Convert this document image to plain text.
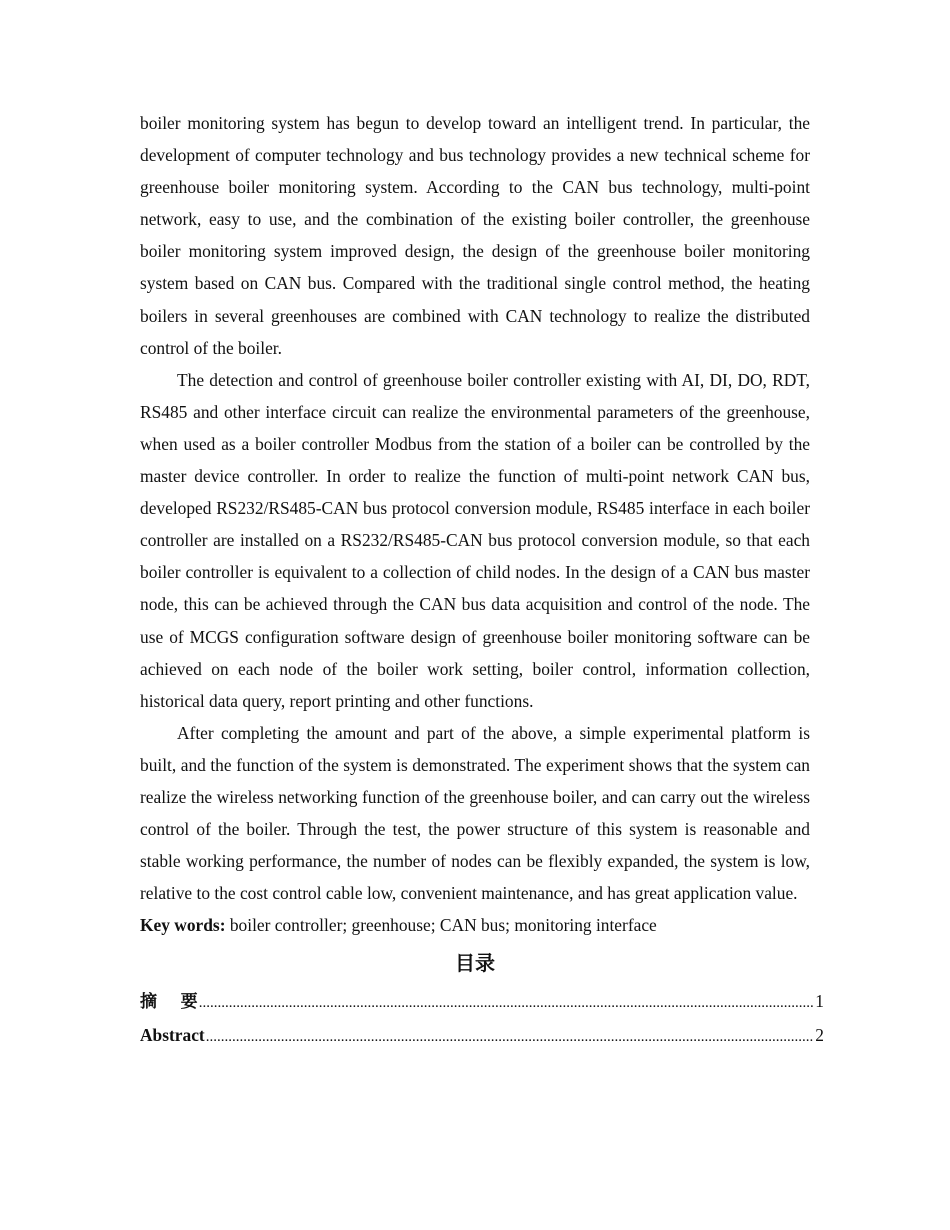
boiler monitoring system has begun to develop toward an intelligent trend. In particular, the development of computer technology and bus technology provides a new technical scheme for greenhouse boiler monitoring system. According to the CAN bus technology, multi-point network, easy to use, and the combination of the existing boiler controller, the greenhouse boiler monitoring system improved design, the design of the greenhouse boiler monitoring system based on CAN bus. Compared with the traditional single control method, the heating boilers in several greenhouses are combined with CAN technology to realize the distributed control of the boiler.

The detection and control of greenhouse boiler controller existing with AI, DI, DO, RDT, RS485 and other interface circuit can realize the environmental parameters of the greenhouse, when used as a boiler controller Modbus from the station of a boiler can be controlled by the master device controller. In order to realize the function of multi-point network CAN bus, developed RS232/RS485-CAN bus protocol conversion module, RS485 interface in each boiler controller are installed on a RS232/RS485-CAN bus protocol conversion module, so that each boiler controller is equivalent to a collection of child nodes. In the design of a CAN bus master node, this can be achieved through the CAN bus data acquisition and control of the node. The use of MCGS configuration software design of greenhouse boiler monitoring software can be achieved on each node of the boiler work setting, boiler control, information collection, historical data query, report printing and other functions.

After completing the amount and part of the above, a simple experimental platform is built, and the function of the system is demonstrated. The experiment shows that the system can realize the wireless networking function of the greenhouse boiler, and can carry out the wireless control of the boiler. Through the test, the power structure of this system is reasonable and stable working performance, the number of nodes can be flexibly expanded, the system is low, relative to the cost control cable low, convenient maintenance, and has great application value.

Key words: boiler controller; greenhouse; CAN bus; monitoring interface

目录
摘    要 .....	1
Abstract .....	2
